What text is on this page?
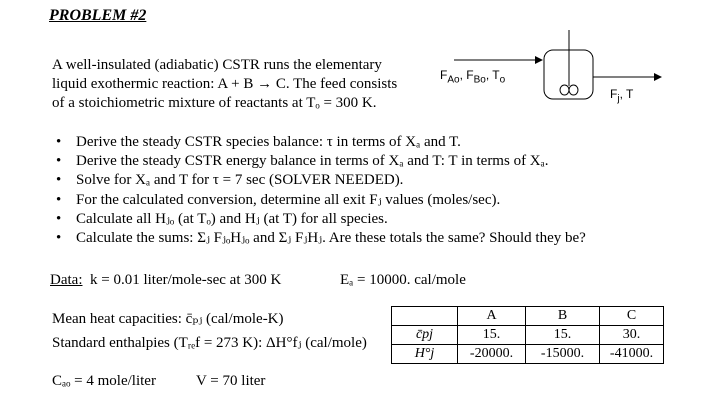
PROBLEM #2
A well-insulated (adiabatic) CSTR runs the elementary
liquid exothermic reaction: A + B → C. The feed consists
of a stoichiometric mixture of reactants at Tₒ = 300 K.
$F_{Ao}$, $F_{Bo}$, $T_o$
$F_j$, T
• Derive the steady CSTR species balance: τ in terms of Xₐ and T.
• Derive the steady CSTR energy balance in terms of Xₐ and T: T in terms of Xₐ.
• Solve for Xₐ and T for τ = 7 sec (SOLVER NEEDED).
• For the calculated conversion, determine all exit Fⱼ values (moles/sec).
• Calculate all Hⱼₒ (at Tₒ) and Hⱼ (at T) for all species.
• Calculate the sums: Σⱼ FⱼₒHⱼₒ and Σⱼ FⱼHⱼ. Are these totals the same? Should they be?
Data: k = 0.01 liter/mole-sec at 300 K	Eₐ = 10000. cal/mole
Mean heat capacities: c̄ₚⱼ (cal/mole-K)
Standard enthalpies (Tᵣₑf = 273 K): ΔH°fⱼ (cal/mole)
	A	B	C
c̄pj	15.	15.	30.
H°j	-20000.	-15000.	-41000.
Cₐₒ = 4 mole/liter	V = 70 liter
